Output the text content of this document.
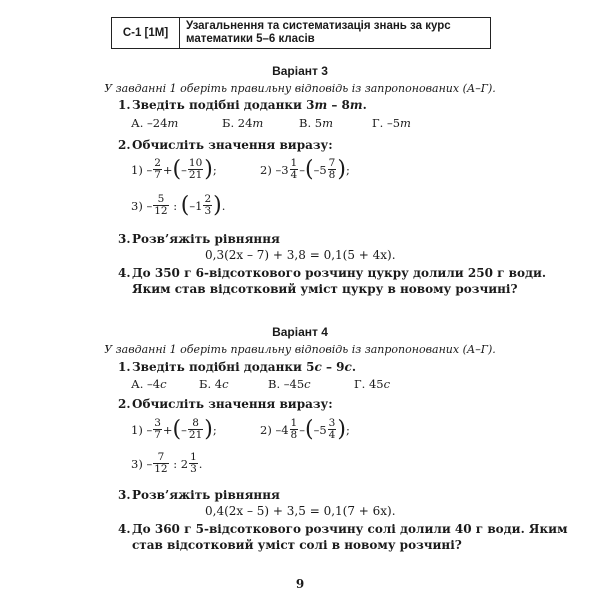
С-1 [1М]
Узагальнення та систематизація знань за курс математики 5–6 класів
Варіант 3
У завданні 1 оберіть правильну відповідь із запропонованих (А–Г).
1.Зведіть подібні доданки 3m – 8m.
А. –24m	Б. 24m	В. 5m	Г. –5m
2.Обчисліть значення виразу:
1)
– $\frac{2}{7}$ + ( – $\frac{10}{21}$ ) ;	2)
$-3 \frac{1}{4}$ – ( $-5 \frac{7}{8}$ ) ;
3)
– $\frac{5}{12}$
:
( $-1 \frac{2}{3}$ ) .
3.Розв’яжіть рівняння
0,3(2x – 7) + 3,8 = 0,1(5 + 4x).
4.До 350 г 6-відсоткового розчину цукру долили 250 г води.
Яким став відсотковий уміст цукру в новому розчині?
Варіант 4
У завданні 1 оберіть правильну відповідь із запропонованих (А–Г).
1.Зведіть подібні доданки 5c – 9c.
А. –4c	Б. 4c	В. –45c	Г. 45c
2.Обчисліть значення виразу:
1)
– $\frac{3}{7}$ + ( – $\frac{8}{21}$ ) ;	2)
$-4 \frac{1}{8}$ – ( $-5 \frac{3}{4}$ ) ;
3)
– $\frac{7}{12}$
:
$2 \frac{1}{3}$ .
3.Розв’яжіть рівняння
0,4(2x – 5) + 3,5 = 0,1(7 + 6x).
4.До 360 г 5-відсоткового розчину солі долили 40 г води. Яким
став відсотковий уміст солі в новому розчині?
9
